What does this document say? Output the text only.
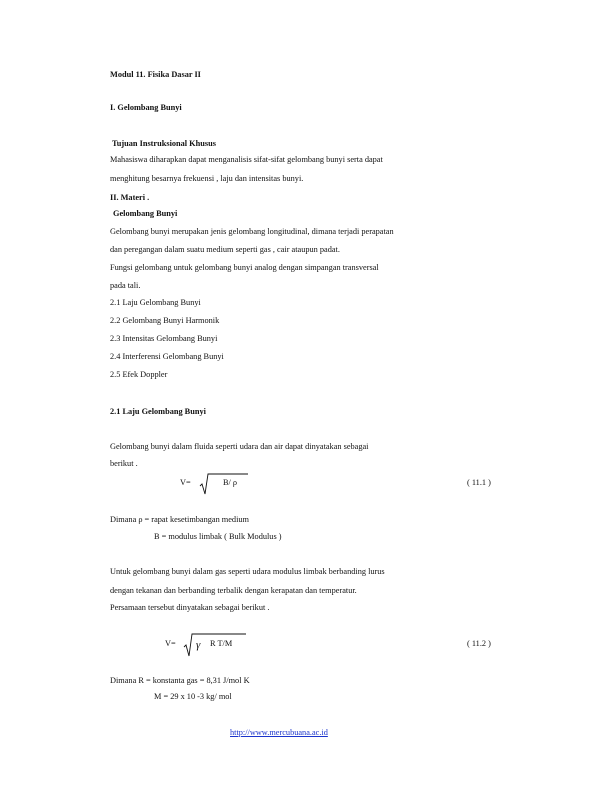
Modul 11. Fisika Dasar II
I. Gelombang Bunyi
Tujuan Instruksional Khusus
Mahasiswa diharapkan dapat menganalisis sifat-sifat gelombang bunyi serta dapat
menghitung besarnya frekuensi , laju dan intensitas bunyi.
II. Materi .
Gelombang Bunyi
Gelombang bunyi merupakan jenis gelombang longitudinal, dimana terjadi perapatan
dan peregangan dalam suatu medium seperti gas , cair ataupun padat.
Fungsi gelombang untuk gelombang bunyi analog dengan simpangan transversal
pada tali.
2.1 Laju Gelombang Bunyi
2.2 Gelombang Bunyi Harmonik
2.3 Intensitas Gelombang Bunyi
2.4 Interferensi Gelombang Bunyi
2.5 Efek Doppler
2.1 Laju Gelombang Bunyi
Gelombang bunyi dalam fluida seperti udara dan air dapat dinyatakan sebagai
berikut .
V=	B/ ρ	( 11.1 )
Dimana ρ = rapat kesetimbangan medium
B = modulus limbak ( Bulk Modulus )
Untuk gelombang bunyi dalam gas seperti udara modulus limbak berbanding lurus
dengan tekanan dan berbanding terbalik dengan kerapatan dan temperatur.
Persamaan tersebut dinyatakan sebagai berikut .
V= γ R T/M	( 11.2 )
Dimana R = konstanta gas = 8,31 J/mol K
M = 29 x 10 -3 kg/ mol
http://www.mercubuana.ac.id
